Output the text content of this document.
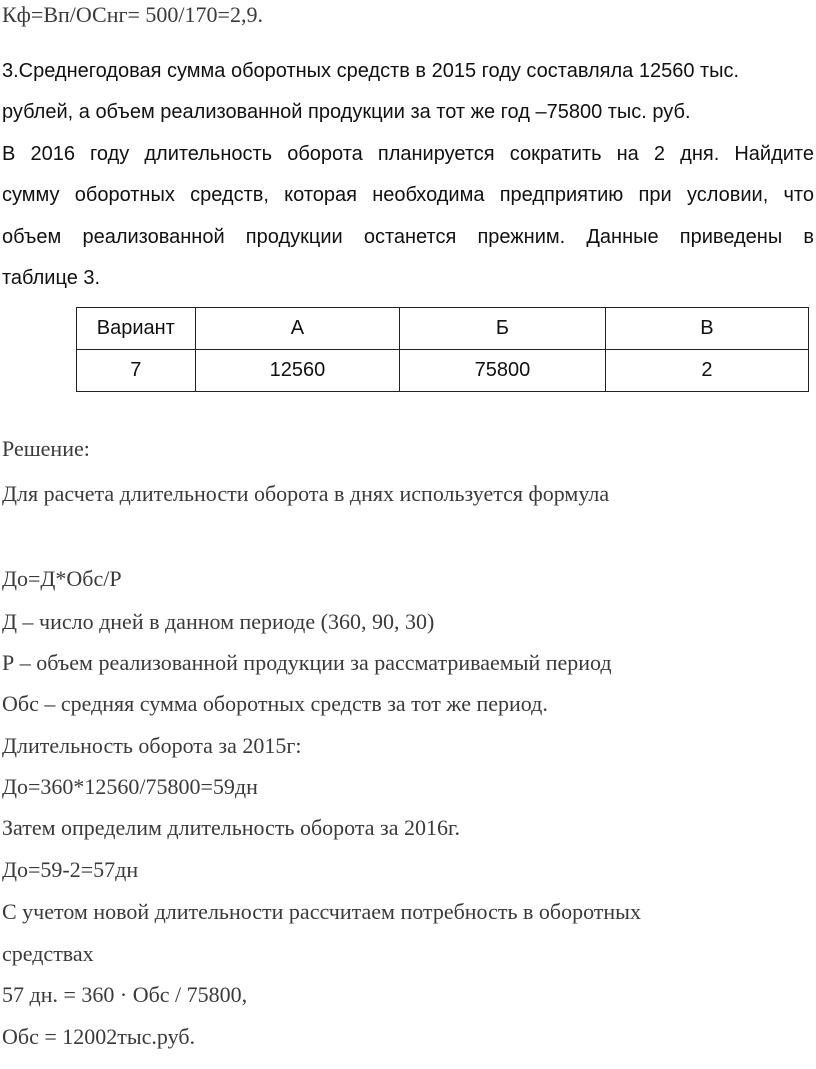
Кф=Вп/ОСнг= 500/170=2,9.
3.Среднегодовая сумма оборотных средств в 2015 году составляла 12560 тыс.
рублей, а объем реализованной продукции за тот же год –75800 тыс. руб.
В 2016 году длительность оборота планируется сократить на 2 дня. Найдите
сумму оборотных средств, которая необходима предприятию при условии, что
объем реализованной продукции останется прежним. Данные приведены в
таблице 3.
Вариант	А	Б	В
7	12560	75800	2
Решение:
Для расчета длительности оборота в днях используется формула
До=Д*Обс/Р
Д – число дней в данном периоде (360, 90, 30)
Р – объем реализованной продукции за рассматриваемый период
Обс – средняя сумма оборотных средств за тот же период.
Длительность оборота за 2015г:
До=360*12560/75800=59дн
Затем определим длительность оборота за 2016г.
До=59-2=57дн
С учетом новой длительности рассчитаем потребность в оборотных
средствах
57 дн. = 360 · Обс / 75800,
Обс = 12002тыс.руб.
